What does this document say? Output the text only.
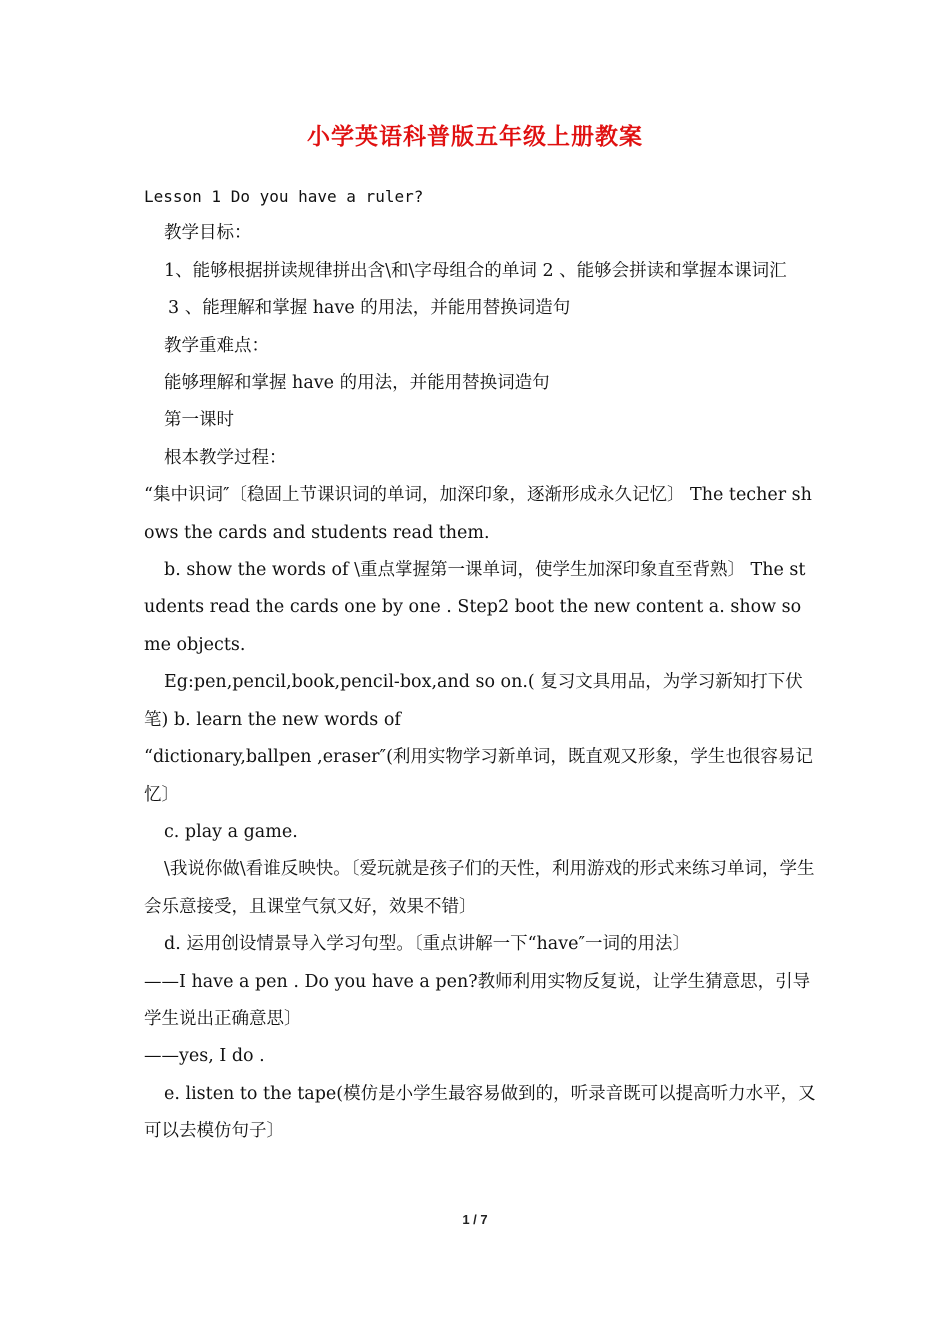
小学英语科普版五年级上册教案

Lesson 1 Do you have a ruler?

教学目标：

1、能够根据拼读规律拼出含\和\字母组合的单词 2 、能够会拼读和掌握本课词汇

3 、能理解和掌握 have 的用法，并能用替换词造句

教学重难点：

能够理解和掌握 have 的用法，并能用替换词造句

第一课时

根本教学过程：

“集中识词″〔稳固上节课识词的单词，加深印象，逐渐形成永久记忆〕 The techer shows the cards and students read them.

b. show the words of \重点掌握第一课单词，使学生加深印象直至背熟〕 The students read the cards one by one . Step2 boot the new content a. show some objects.

Eg:pen,pencil,book,pencil-box,and so on.( 复习文具用品，为学习新知打下伏笔) b. learn the new words of

“dictionary,ballpen ,eraser″(利用实物学习新单词，既直观又形象，学生也很容易记忆〕

c. play a game.

\我说你做\看谁反映快。〔爱玩就是孩子们的天性，利用游戏的形式来练习单词，学生会乐意接受，且课堂气氛又好，效果不错〕

d. 运用创设情景导入学习句型。〔重点讲解一下“have″一词的用法〕

——I have a pen . Do you have a pen?教师利用实物反复说，让学生猜意思，引导 学生说出正确意思〕

——yes, I do .

e. listen to the tape(模仿是小学生最容易做到的，听录音既可以提高听力水平，又可以去模仿句子〕

1 / 7
